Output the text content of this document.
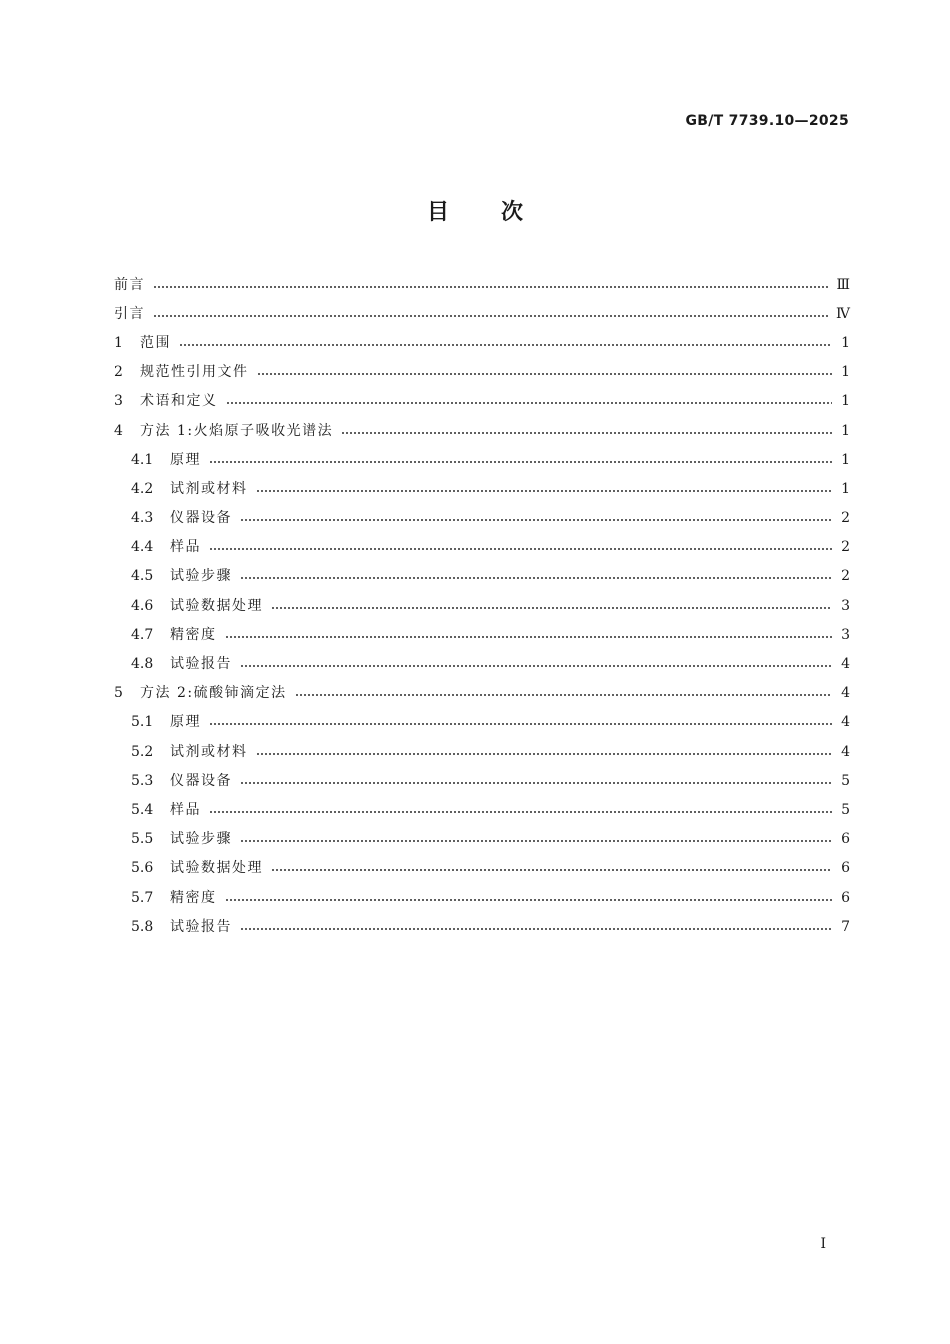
GB/T 7739.10—2025
目次
前言	Ⅲ
引言	Ⅳ
1	范围	1
2	规范性引用文件	1
3	术语和定义	1
4	方法 1:火焰原子吸收光谱法	1
4.1	原理	1
4.2	试剂或材料	1
4.3	仪器设备	2
4.4	样品	2
4.5	试验步骤	2
4.6	试验数据处理	3
4.7	精密度	3
4.8	试验报告	4
5	方法 2:硫酸铈滴定法	4
5.1	原理	4
5.2	试剂或材料	4
5.3	仪器设备	5
5.4	样品	5
5.5	试验步骤	6
5.6	试验数据处理	6
5.7	精密度	6
5.8	试验报告	7
I
